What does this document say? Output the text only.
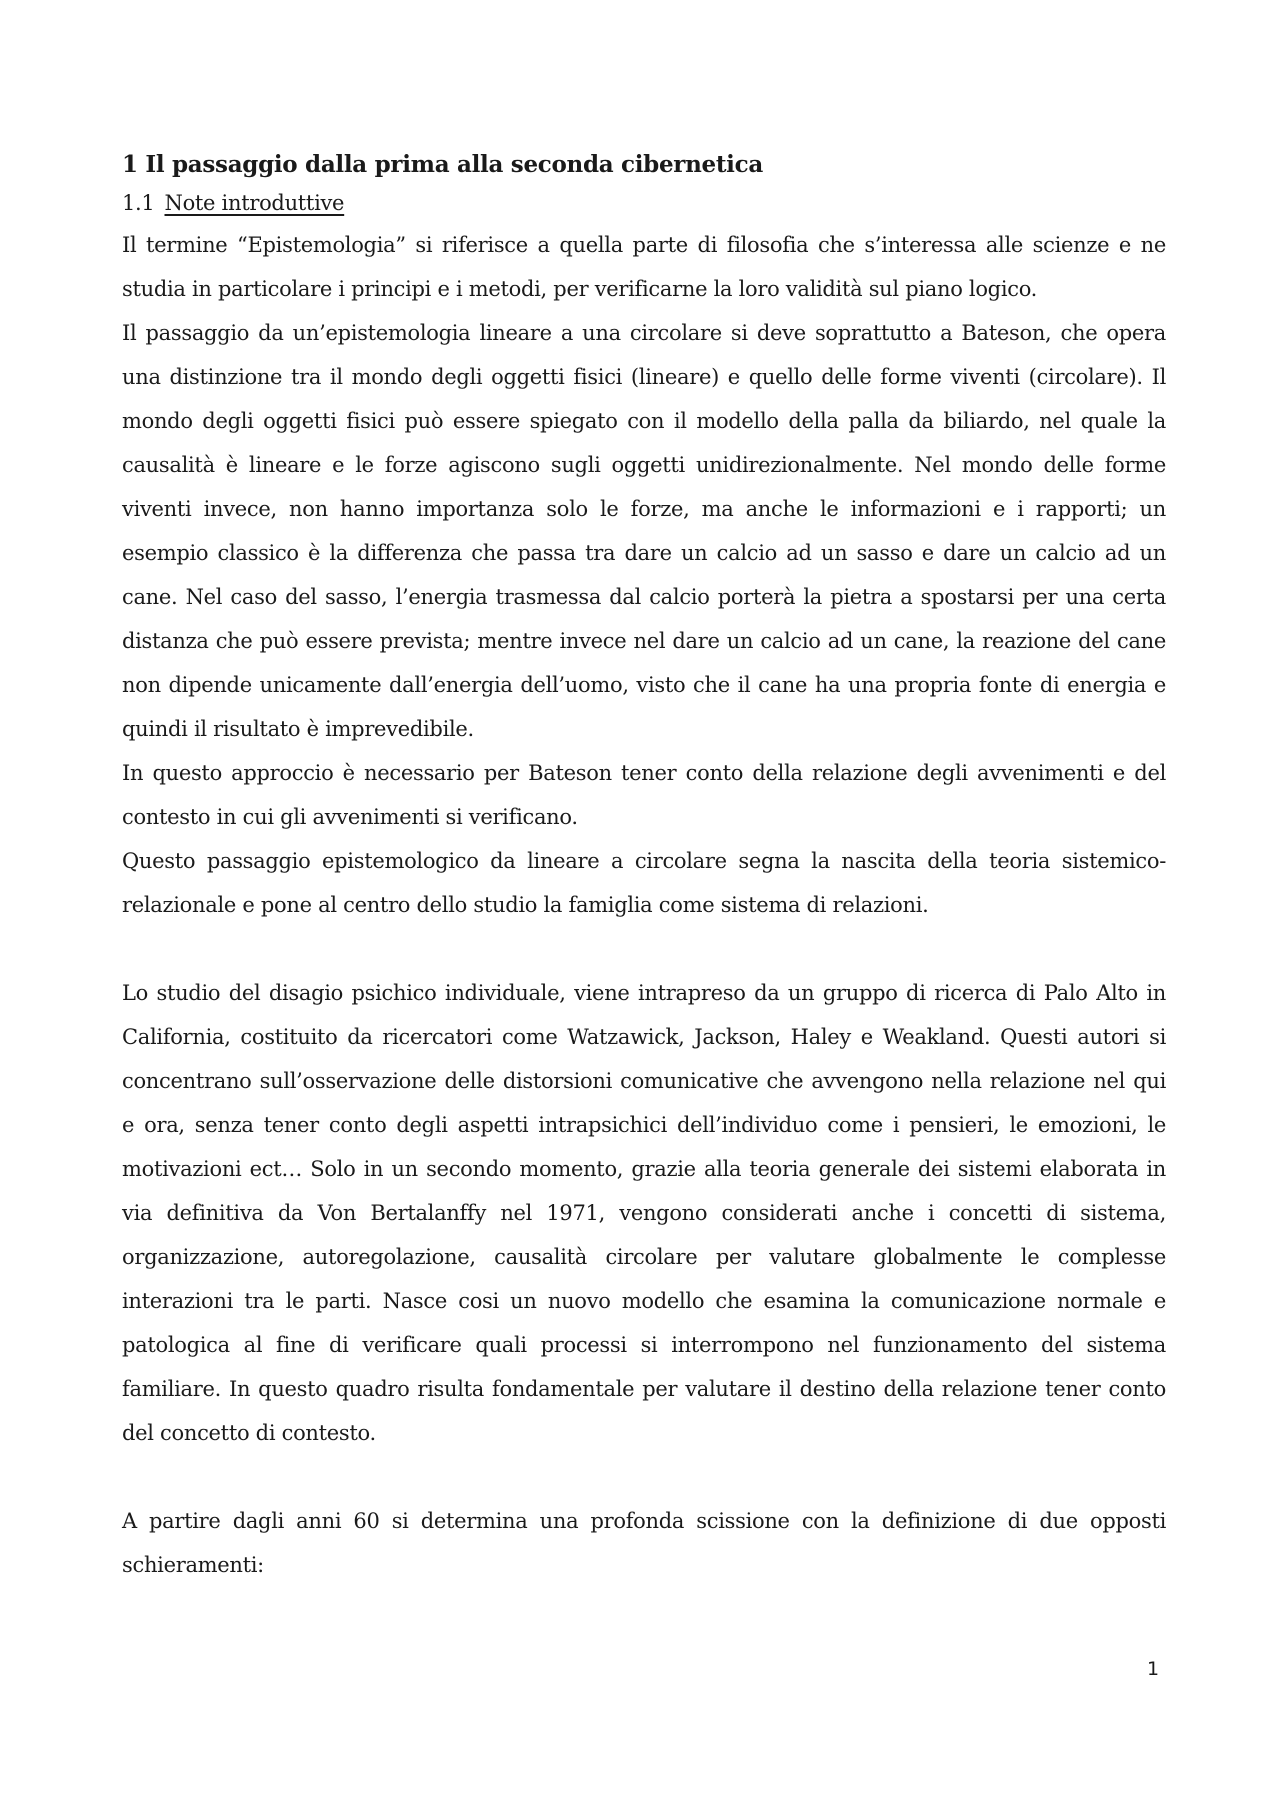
1 Il passaggio dalla prima alla seconda cibernetica
1.1 Note introduttive

Il termine “Epistemologia” si riferisce a quella parte di filosofia che s’interessa alle scienze e ne studia in particolare i principi e i metodi, per verificarne la loro validità sul piano logico.

Il passaggio da un’epistemologia lineare a una circolare si deve soprattutto a Bateson, che opera una distinzione tra il mondo degli oggetti fisici (lineare) e quello delle forme viventi (circolare). Il mondo degli oggetti fisici può essere spiegato con il modello della palla da biliardo, nel quale la causalità è lineare e le forze agiscono sugli oggetti unidirezionalmente. Nel mondo delle forme viventi invece, non hanno importanza solo le forze, ma anche le informazioni e i rapporti; un esempio classico è la differenza che passa tra dare un calcio ad un sasso e dare un calcio ad un cane. Nel caso del sasso, l’energia trasmessa dal calcio porterà la pietra a spostarsi per una certa distanza che può essere prevista; mentre invece nel dare un calcio ad un cane, la reazione del cane non dipende unicamente dall’energia dell’uomo, visto che il cane ha una propria fonte di energia e quindi il risultato è imprevedibile.

In questo approccio è necessario per Bateson tener conto della relazione degli avvenimenti e del contesto in cui gli avvenimenti si verificano.

Questo passaggio epistemologico da lineare a circolare segna la nascita della teoria sistemico-relazionale e pone al centro dello studio la famiglia come sistema di relazioni.

Lo studio del disagio psichico individuale, viene intrapreso da un gruppo di ricerca di Palo Alto in California, costituito da ricercatori come Watzawick, Jackson, Haley e Weakland. Questi autori si concentrano sull’osservazione delle distorsioni comunicative che avvengono nella relazione nel qui e ora, senza tener conto degli aspetti intrapsichici dell’individuo come i pensieri, le emozioni, le motivazioni ect… Solo in un secondo momento, grazie alla teoria generale dei sistemi elaborata in via definitiva da Von Bertalanffy nel 1971, vengono considerati anche i concetti di sistema, organizzazione, autoregolazione, causalità circolare per valutare globalmente le complesse interazioni tra le parti. Nasce cosi un nuovo modello che esamina la comunicazione normale e patologica al fine di verificare quali processi si interrompono nel funzionamento del sistema familiare. In questo quadro risulta fondamentale per valutare il destino della relazione tener conto del concetto di contesto.

A partire dagli anni 60 si determina una profonda scissione con la definizione di due opposti schieramenti:

1
